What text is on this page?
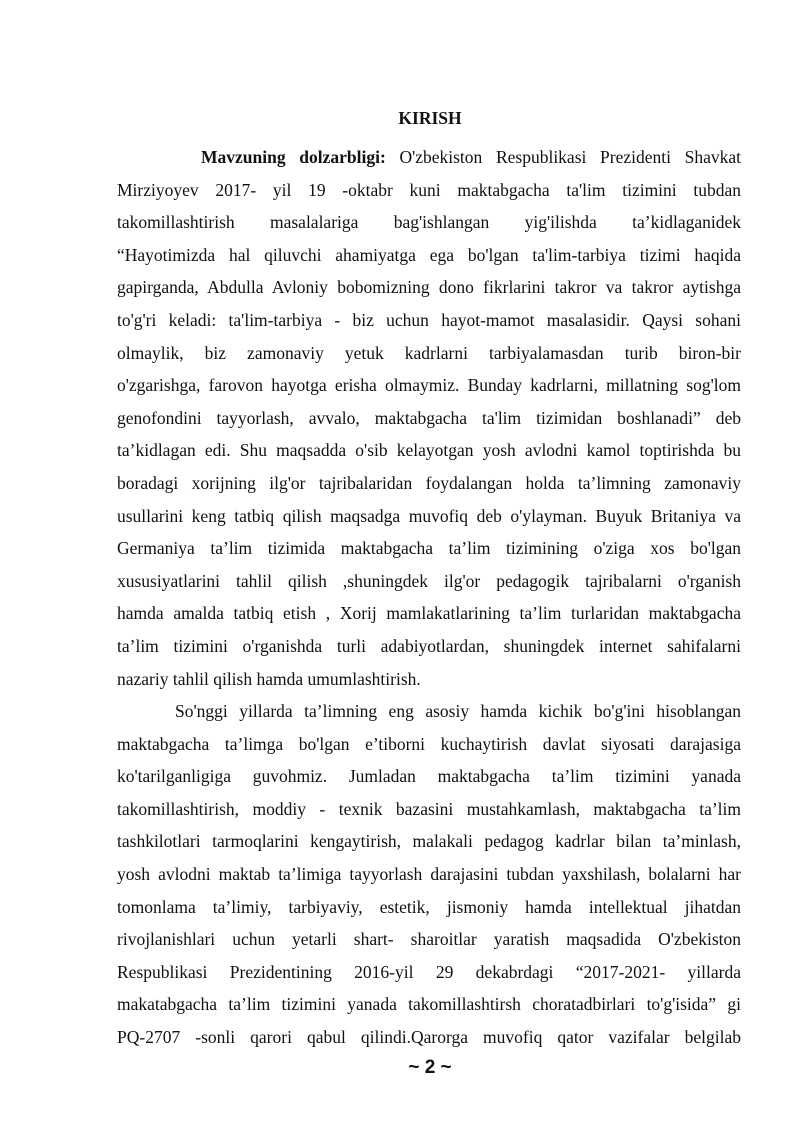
KIRISH
Mavzuning dolzarbligi: O'zbekiston Respublikasi Prezidenti Shavkat
Mirziyoyev 2017- yil 19 -oktabr kuni maktabgacha ta'lim tizimini tubdan
takomillashtirish masalalariga bag'ishlangan yig'ilishda ta’kidlaganidek
“Hayotimizda hal qiluvchi ahamiyatga ega bo'lgan ta'lim-tarbiya tizimi haqida
gapirganda, Abdulla Avloniy bobomizning dono fikrlarini takror va takror aytishga
to'g'ri keladi: ta'lim-tarbiya - biz uchun hayot-mamot masalasidir. Qaysi sohani
olmaylik, biz zamonaviy yetuk kadrlarni tarbiyalamasdan turib biron-bir
o'zgarishga, farovon hayotga erisha olmaymiz. Bunday kadrlarni, millatning sog'lom
genofondini tayyorlash, avvalo, maktabgacha ta'lim tizimidan boshlanadi” deb
ta’kidlagan edi. Shu maqsadda o'sib kelayotgan yosh avlodni kamol toptirishda bu
boradagi xorijning ilg'or tajribalaridan foydalangan holda ta’limning zamonaviy
usullarini keng tatbiq qilish maqsadga muvofiq deb o'ylayman. Buyuk Britaniya va
Germaniya ta’lim tizimida maktabgacha ta’lim tizimining o'ziga xos bo'lgan
xususiyatlarini tahlil qilish ,shuningdek ilg'or pedagogik tajribalarni o'rganish
hamda amalda tatbiq etish , Xorij mamlakatlarining ta’lim turlaridan maktabgacha
ta’lim tizimini o'rganishda turli adabiyotlardan, shuningdek internet sahifalarni
nazariy tahlil qilish hamda umumlashtirish.
So'nggi yillarda ta’limning eng asosiy hamda kichik bo'g'ini hisoblangan
maktabgacha ta’limga bo'lgan e’tiborni kuchaytirish davlat siyosati darajasiga
ko'tarilganligiga guvohmiz. Jumladan maktabgacha ta’lim tizimini yanada
takomillashtirish, moddiy - texnik bazasini mustahkamlash, maktabgacha ta’lim
tashkilotlari tarmoqlarini kengaytirish, malakali pedagog kadrlar bilan ta’minlash,
yosh avlodni maktab ta’limiga tayyorlash darajasini tubdan yaxshilash, bolalarni har
tomonlama ta’limiy, tarbiyaviy, estetik, jismoniy hamda intellektual jihatdan
rivojlanishlari uchun yetarli shart- sharoitlar yaratish maqsadida O'zbekiston
Respublikasi Prezidentining 2016-yil 29 dekabrdagi “2017-2021- yillarda
makatabgacha ta’lim tizimini yanada takomillashtirsh choratadbirlari to'g'isida” gi
PQ-2707 -sonli qarori qabul qilindi.Qarorga muvofiq qator vazifalar belgilab
~ 2 ~
